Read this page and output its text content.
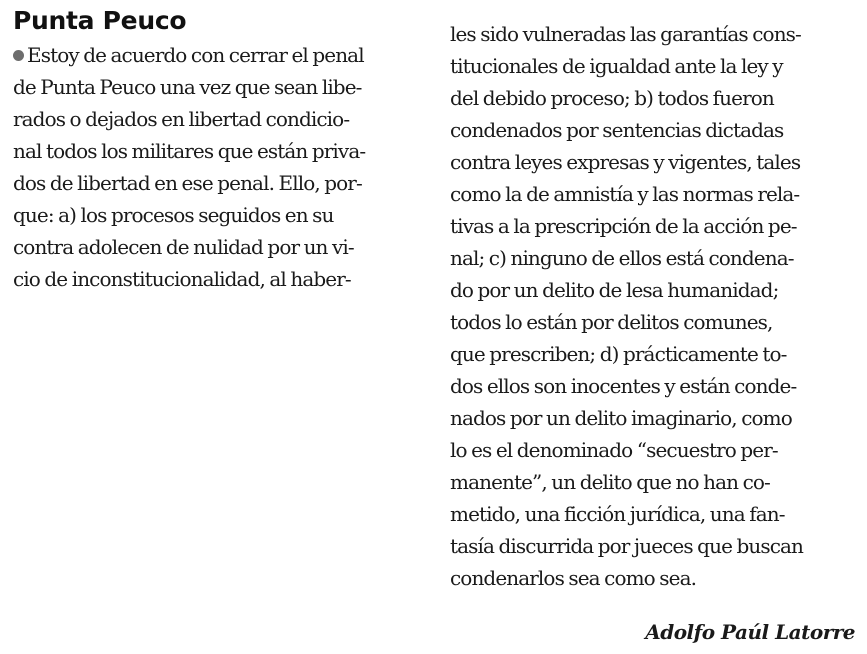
Punta Peuco
Estoy de acuerdo con cerrar el penal
de Punta Peuco una vez que sean libe-
rados o dejados en libertad condicio-
nal todos los militares que están priva-
dos de libertad en ese penal. Ello, por-
que: a) los procesos seguidos en su
contra adolecen de nulidad por un vi-
cio de inconstitucionalidad, al haber-
les sido vulneradas las garantías cons-
titucionales de igualdad ante la ley y
del debido proceso; b) todos fueron
condenados por sentencias dictadas
contra leyes expresas y vigentes, tales
como la de amnistía y las normas rela-
tivas a la prescripción de la acción pe-
nal; c) ninguno de ellos está condena-
do por un delito de lesa humanidad;
todos lo están por delitos comunes,
que prescriben; d) prácticamente to-
dos ellos son inocentes y están conde-
nados por un delito imaginario, como
lo es el denominado “secuestro per-
manente”, un delito que no han co-
metido, una ficción jurídica, una fan-
tasía discurrida por jueces que buscan
condenarlos sea como sea.
Adolfo Paúl Latorre
